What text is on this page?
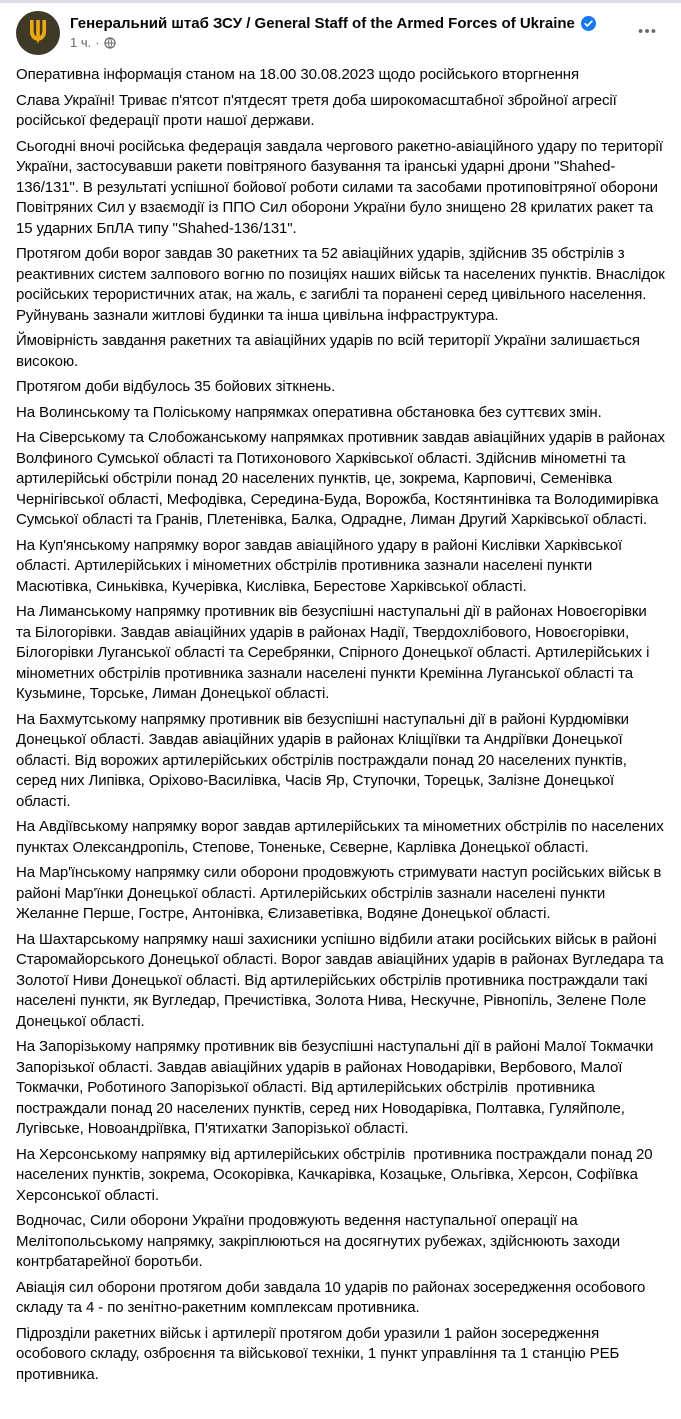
Генеральний штаб ЗСУ / General Staff of the Armed Forces of Ukraine
1 ч. ·

Оперативна інформація станом на 18.00 30.08.2023 щодо російського вторгнення

Слава Україні! Триває п'ятсот п'ятдесят третя доба широкомасштабної збройної агресії російської федерації проти нашої держави.

Сьогодні вночі російська федерація завдала чергового ракетно-авіаційного удару по території України, застосувавши ракети повітряного базування та іранські ударні дрони "Shahed-136/131". В результаті успішної бойової роботи силами та засобами протиповітряної оборони Повітряних Сил у взаємодії із ППО Сил оборони України було знищено 28 крилатих ракет та 15 ударних БпЛА типу "Shahed-136/131".

Протягом доби ворог завдав 30 ракетних та 52 авіаційних ударів, здійснив 35 обстрілів з реактивних систем залпового вогню по позиціях наших військ та населених пунктів. Внаслідок російських терористичних атак, на жаль, є загиблі та поранені серед цивільного населення. Руйнувань зазнали житлові будинки та інша цивільна інфраструктура.

Ймовірність завдання ракетних та авіаційних ударів по всій території України залишається високою.

Протягом доби відбулось 35 бойових зіткнень.

На Волинському та Поліському напрямках оперативна обстановка без суттєвих змін.

На Сіверському та Слобожанському напрямках противник завдав авіаційних ударів в районах Волфиного Сумської області та Потихонового Харківської області. Здійснив мінометні та артилерійські обстріли понад 20 населених пунктів, це, зокрема, Карповичі, Семенівка Чернігівської області, Мефодівка, Середина-Буда, Ворожба, Костянтинівка та Володимирівка Сумської області та Гранів, Плетенівка, Балка, Одрадне, Лиман Другий Харківської області.

На Куп'янському напрямку ворог завдав авіаційного удару в районі Кислівки Харківської області. Артилерійських і мінометних обстрілів противника зазнали населені пункти Масютівка, Синьківка, Кучерівка, Кислівка, Берестове Харківської області.

На Лиманському напрямку противник вів безуспішні наступальні дії в районах Новоєгорівки та Білогорівки. Завдав авіаційних ударів в районах Надії, Твердохлібового, Новоєгорівки, Білогорівки Луганської області та Серебрянки, Спірного Донецької області. Артилерійських і мінометних обстрілів противника зазнали населені пункти Кремінна Луганської області та Кузьмине, Торське, Лиман Донецької області.

На Бахмутському напрямку противник вів безуспішні наступальні дії в районі Курдюмівки Донецької області. Завдав авіаційних ударів в районах Кліщіївки та Андріївки Донецької області. Від ворожих артилерійських обстрілів постраждали понад 20 населених пунктів, серед них Липівка, Оріхово-Василівка, Часів Яр, Ступочки, Торецьк, Залізне Донецької області.

На Авдіївському напрямку ворог завдав артилерійських та мінометних обстрілів по населених пунктах Олександропіль, Степове, Тоненьке, Сєверне, Карлівка Донецької області.

На Мар'їнському напрямку сили оборони продовжують стримувати наступ російських військ в районі Мар'їнки Донецької області. Артилерійських обстрілів зазнали населені пункти Желанне Перше, Гостре, Антонівка, Єлизаветівка, Водяне Донецької області.

На Шахтарському напрямку наші захисники успішно відбили атаки російських військ в районі Старомайорського Донецької області. Ворог завдав авіаційних ударів в районах Вугледара та Золотої Ниви Донецької області. Від артилерійських обстрілів противника постраждали такі населені пункти, як Вугледар, Пречистівка, Золота Нива, Нескучне, Рівнопіль, Зелене Поле Донецької області.

На Запорізькому напрямку противник вів безуспішні наступальні дії в районі Малої Токмачки Запорізької області. Завдав авіаційних ударів в районах Новодарівки, Вербового, Малої Токмачки, Роботиного Запорізької області. Від артилерійських обстрілів  противника постраждали понад 20 населених пунктів, серед них Новодарівка, Полтавка, Гуляйполе, Лугівське, Новоандріївка, П'ятихатки Запорізької області.

На Херсонському напрямку від артилерійських обстрілів  противника постраждали понад 20 населених пунктів, зокрема, Осокорівка, Качкарівка, Козацьке, Ольгівка, Херсон, Софіївка Херсонської області.

Водночас, Сили оборони України продовжують ведення наступальної операції на Мелітопольському напрямку, закріплюються на досягнутих рубежах, здійснюють заходи контрбатарейної боротьби.

Авіація сил оборони протягом доби завдала 10 ударів по районах зосередження особового складу та 4 - по зенітно-ракетним комплексам противника.

Підрозділи ракетних військ і артилерії протягом доби уразили 1 район зосередження особового складу, озброєння та військової техніки, 1 пункт управління та 1 станцію РЕБ противника.
